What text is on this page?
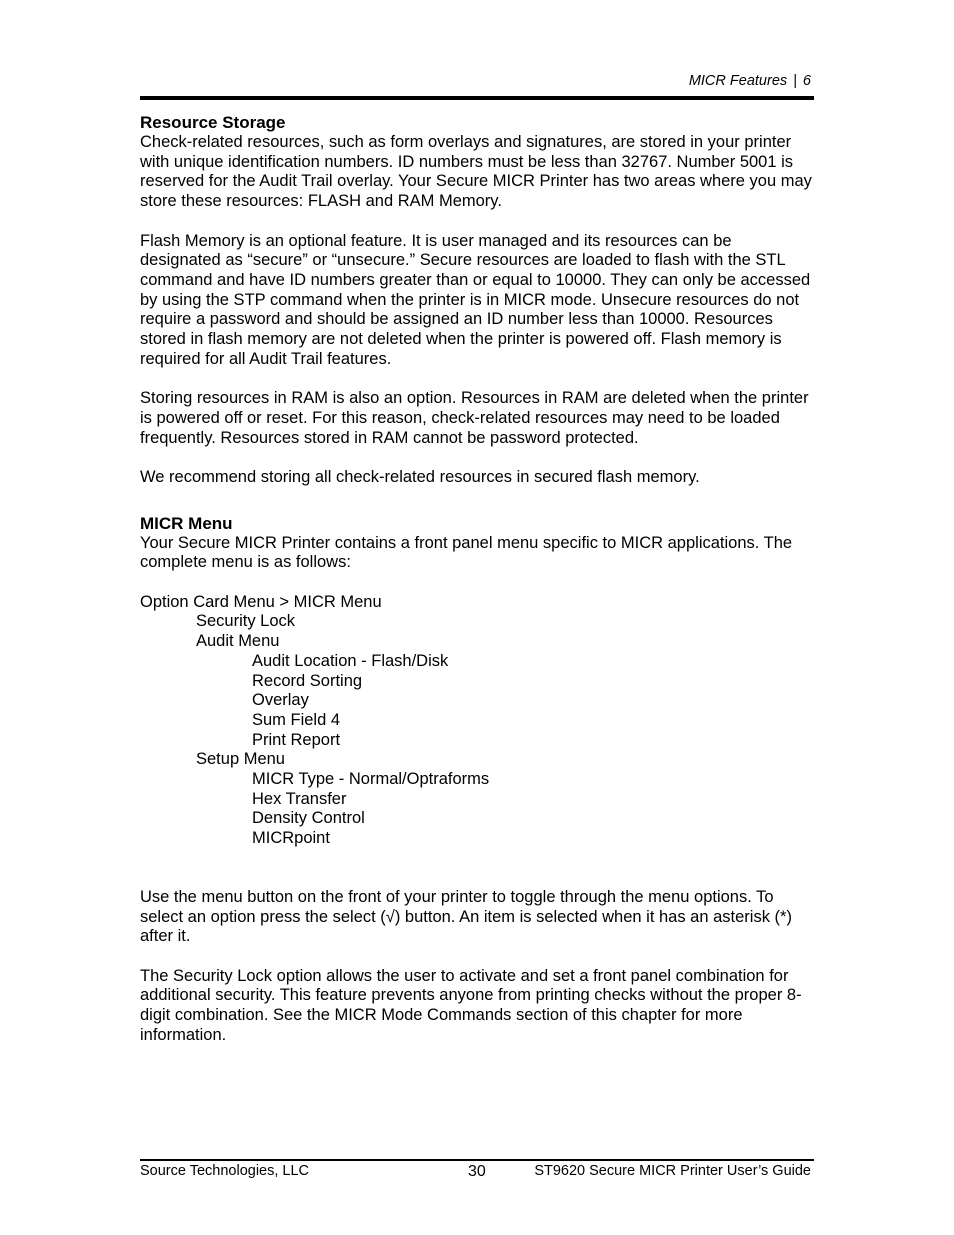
MICR Features | 6
Resource Storage

Check-related resources, such as form overlays and signatures, are stored in your printer with unique identification numbers. ID numbers must be less than 32767. Number 5001 is reserved for the Audit Trail overlay. Your Secure MICR Printer has two areas where you may store these resources: FLASH and RAM Memory.

Flash Memory is an optional feature. It is user managed and its resources can be designated as “secure” or “unsecure.” Secure resources are loaded to flash with the STL command and have ID numbers greater than or equal to 10000. They can only be accessed by using the STP command when the printer is in MICR mode. Unsecure resources do not require a password and should be assigned an ID number less than 10000. Resources stored in flash memory are not deleted when the printer is powered off. Flash memory is required for all Audit Trail features.

Storing resources in RAM is also an option. Resources in RAM are deleted when the printer is powered off or reset. For this reason, check-related resources may need to be loaded frequently. Resources stored in RAM cannot be password protected.

We recommend storing all check-related resources in secured flash memory.

MICR Menu

Your Secure MICR Printer contains a front panel menu specific to MICR applications. The complete menu is as follows:

Option Card Menu > MICR Menu
Security Lock
Audit Menu
Audit Location - Flash/Disk
Record Sorting
Overlay
Sum Field 4
Print Report
Setup Menu
MICR Type - Normal/Optraforms
Hex Transfer
Density Control
MICRpoint

Use the menu button on the front of your printer to toggle through the menu options. To select an option press the select (√) button. An item is selected when it has an asterisk (*) after it.

The Security Lock option allows the user to activate and set a front panel combination for additional security. This feature prevents anyone from printing checks without the proper 8-digit combination. See the MICR Mode Commands section of this chapter for more information.

Source Technologies, LLC	30	ST9620 Secure MICR Printer User’s Guide
